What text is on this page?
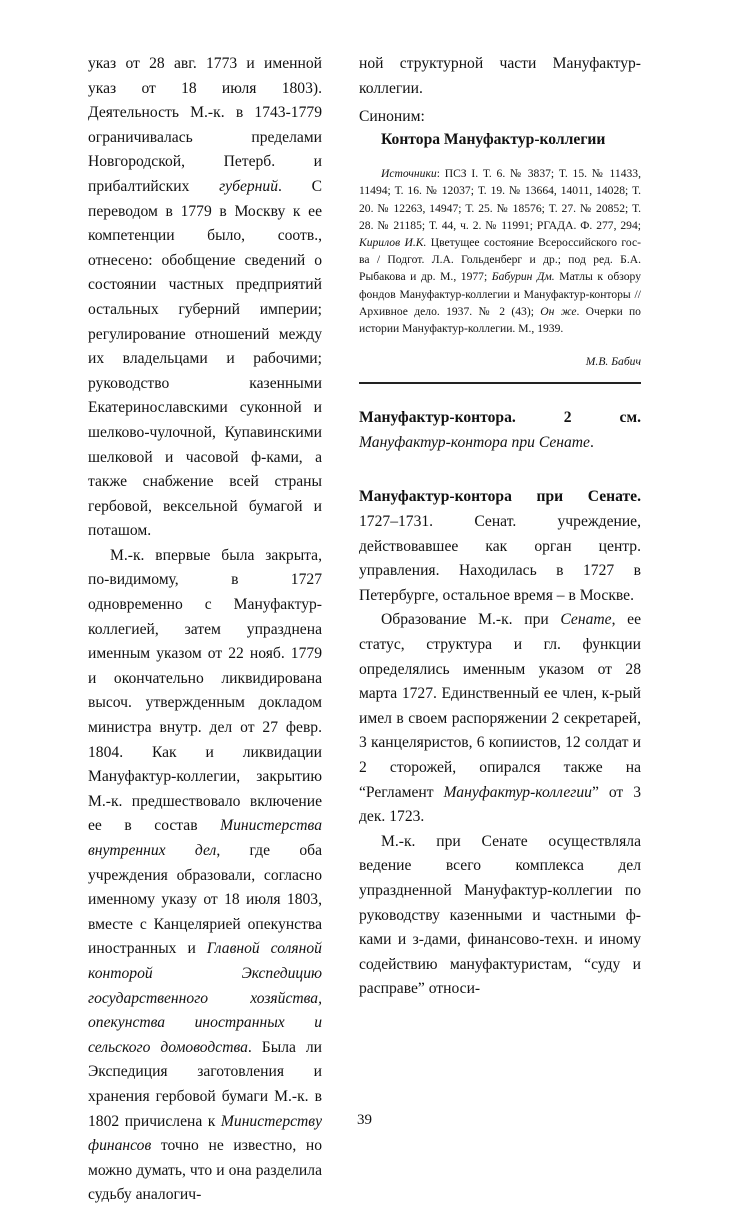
указ от 28 авг. 1773 и именной указ от 18 июля 1803). Деятельность М.-к. в 1743-1779 ограничивалась пределами Новгородской, Петерб. и прибалтийских губерний. С переводом в 1779 в Москву к ее компетенции было, соотв., отнесено: обобщение сведений о состоянии частных предприятий остальных губерний империи; регулирование отношений между их владельцами и рабочими; руководство казенными Екатеринославскими суконной и шелково-чулочной, Купавинскими шелковой и часовой ф-ками, а также снабжение всей страны гербовой, вексельной бумагой и поташом.

М.-к. впервые была закрыта, по-видимому, в 1727 одновременно с Мануфактур-коллегией, затем упразднена именным указом от 22 нояб. 1779 и окончательно ликвидирована высоч. утвержденным докладом министра внутр. дел от 27 февр. 1804. Как и ликвидации Мануфактур-коллегии, закрытию М.-к. предшествовало включение ее в состав Министерства внутренних дел, где оба учреждения образовали, согласно именному указу от 18 июля 1803, вместе с Канцелярией опекунства иностранных и Главной соляной конторой Экспедицию государственного хозяйства, опекунства иностранных и сельского домоводства. Была ли Экспедиция заготовления и хранения гербовой бумаги М.-к. в 1802 причислена к Министерству финансов точно не известно, но можно думать, что и она разделила судьбу аналогич-

ной структурной части Мануфактур-коллегии.

Синоним:

Контора Мануфактур-коллегии

Источники: ПСЗ I. Т. 6. № 3837; Т. 15. № 11433, 11494; Т. 16. № 12037; Т. 19. № 13664, 14011, 14028; Т. 20. № 12263, 14947; Т. 25. № 18576; Т. 27. № 20852; Т. 28. № 21185; Т. 44, ч. 2. № 11991; РГАДА. Ф. 277, 294; Кирилов И.К. Цветущее состояние Всероссийского гос-ва / Подгот. Л.А. Гольденберг и др.; под ред. Б.А. Рыбакова и др. М., 1977; Бабурин Дм. Матлы к обзору фондов Мануфактур-коллегии и Мануфактур-конторы // Архивное дело. 1937. № 2 (43); Он же. Очерки по истории Мануфактур-коллегии. М., 1939.

М.В. Бабич

Мануфактур-контора. 2 см. Мануфактур-контора при Сенате.

Мануфактур-контора при Сенате. 1727–1731. Сенат. учреждение, действовавшее как орган центр. управления. Находилась в 1727 в Петербурге, остальное время – в Москве.

Образование М.-к. при Сенате, ее статус, структура и гл. функции определялись именным указом от 28 марта 1727. Единственный ее член, к-рый имел в своем распоряжении 2 секретарей, 3 канцеляристов, 6 копиистов, 12 солдат и 2 сторожей, опирался также на “Регламент Мануфактур-коллегии” от 3 дек. 1723.

М.-к. при Сенате осуществляла ведение всего комплекса дел упраздненной Мануфактур-коллегии по руководству казенными и частными ф-ками и з-дами, финансово-техн. и иному содействию мануфактуристам, “суду и расправе” относи-

39
